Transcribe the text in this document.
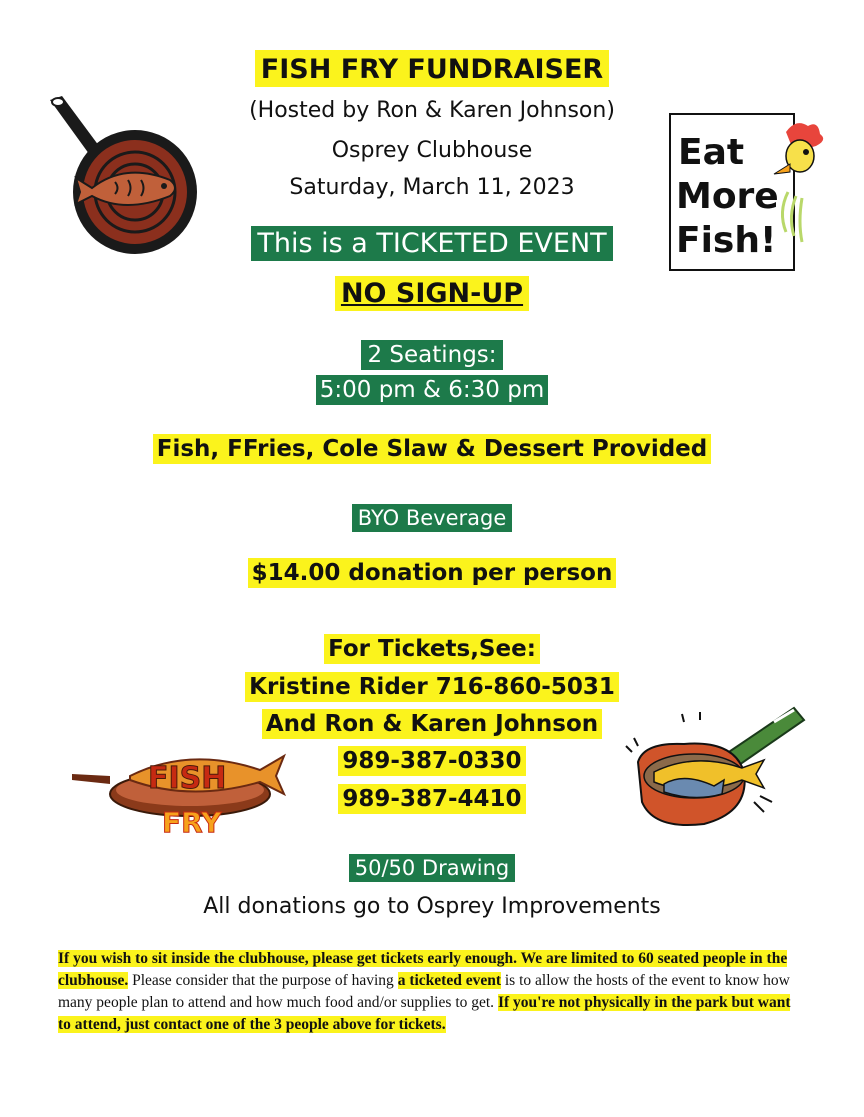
FISH FRY FUNDRAISER
(Hosted by Ron & Karen Johnson)
Osprey Clubhouse
Saturday, March 11, 2023
This is a TICKETED EVENT
NO SIGN-UP
2 Seatings:
5:00 pm & 6:30 pm
Fish, FFries, Cole Slaw & Dessert Provided
BYO Beverage
$14.00 donation per person
For Tickets,See:
Kristine Rider 716-860-5031
And Ron & Karen Johnson
989-387-0330
989-387-4410
50/50 Drawing
All donations go to Osprey Improvements
If you wish to sit inside the clubhouse, please get tickets early enough. We are limited to 60 seated people in the clubhouse. Please consider that the purpose of having a ticketed event is to allow the hosts of the event to know how many people plan to attend and how much food and/or supplies to get. If you're not physically in the park but want to attend, just contact one of the 3 people above for tickets.
Eat
More
Fish!
FISH
FRY
